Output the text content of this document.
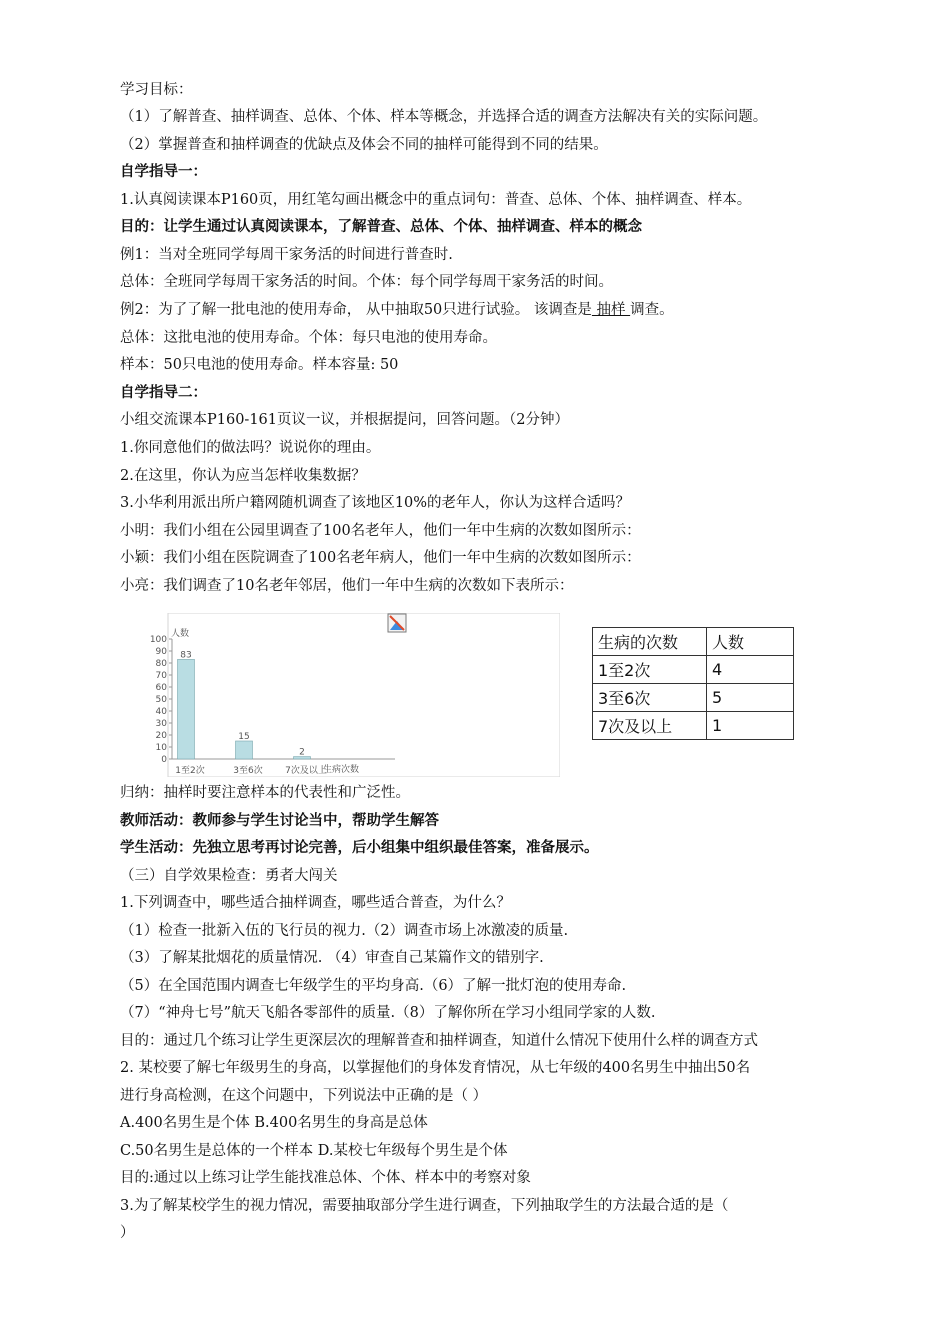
学习目标：
（1）了解普查、抽样调查、总体、个体、样本等概念，并选择合适的调查方法解决有关的实际问题。
（2）掌握普查和抽样调查的优缺点及体会不同的抽样可能得到不同的结果。
自学指导一：
1.认真阅读课本P160页，用红笔勾画出概念中的重点词句：普查、总体、个体、抽样调查、样本。
目的：让学生通过认真阅读课本，了解普查、总体、个体、抽样调查、样本的概念
例1：当对全班同学每周干家务活的时间进行普查时.
总体：全班同学每周干家务活的时间。个体：每个同学每周干家务活的时间。
例2：为了了解一批电池的使用寿命， 从中抽取50只进行试验。 该调查是 抽样 调查。
总体：这批电池的使用寿命。个体：每只电池的使用寿命。
样本：50只电池的使用寿命。样本容量: 50
自学指导二：
小组交流课本P160-161页议一议，并根据提问，回答问题。（2分钟）
1.你同意他们的做法吗？说说你的理由。
2.在这里，你认为应当怎样收集数据？
3.小华利用派出所户籍网随机调查了该地区10%的老年人，你认为这样合适吗？
小明：我们小组在公园里调查了100名老年人，他们一年中生病的次数如图所示：
小颖：我们小组在医院调查了100名老年病人，他们一年中生病的次数如图所示：
小亮：我们调查了10名老年邻居，他们一年中生病的次数如下表所示：
人数
生病次数
0
10
20
30
40
50
60
70
80
90
100
83
15
2
1至2次	3至6次 7次及以上
生病的次数	人数
1至2次	4
3至6次	5
7次及以上	1
归纳：抽样时要注意样本的代表性和广泛性。
教师活动：教师参与学生讨论当中，帮助学生解答
学生活动：先独立思考再讨论完善，后小组集中组织最佳答案，准备展示。
（三）自学效果检查：勇者大闯关
1.下列调查中，哪些适合抽样调查，哪些适合普查，为什么？
（1）检查一批新入伍的飞行员的视力.（2）调查市场上冰激凌的质量.
（3）了解某批烟花的质量情况. （4）审查自己某篇作文的错别字.
（5）在全国范围内调查七年级学生的平均身高.（6）了解一批灯泡的使用寿命.
（7）“神舟七号”航天飞船各零部件的质量.（8）了解你所在学习小组同学家的人数.
目的：通过几个练习让学生更深层次的理解普查和抽样调查，知道什么情况下使用什么样的调查方式
2. 某校要了解七年级男生的身高，以掌握他们的身体发育情况，从七年级的400名男生中抽出50名
进行身高检测，在这个问题中，下列说法中正确的是（ ）
A.400名男生是个体 B.400名男生的身高是总体
C.50名男生是总体的一个样本 D.某校七年级每个男生是个体
目的:通过以上练习让学生能找准总体、个体、样本中的考察对象
3.为了解某校学生的视力情况，需要抽取部分学生进行调查，下列抽取学生的方法最合适的是（
）
